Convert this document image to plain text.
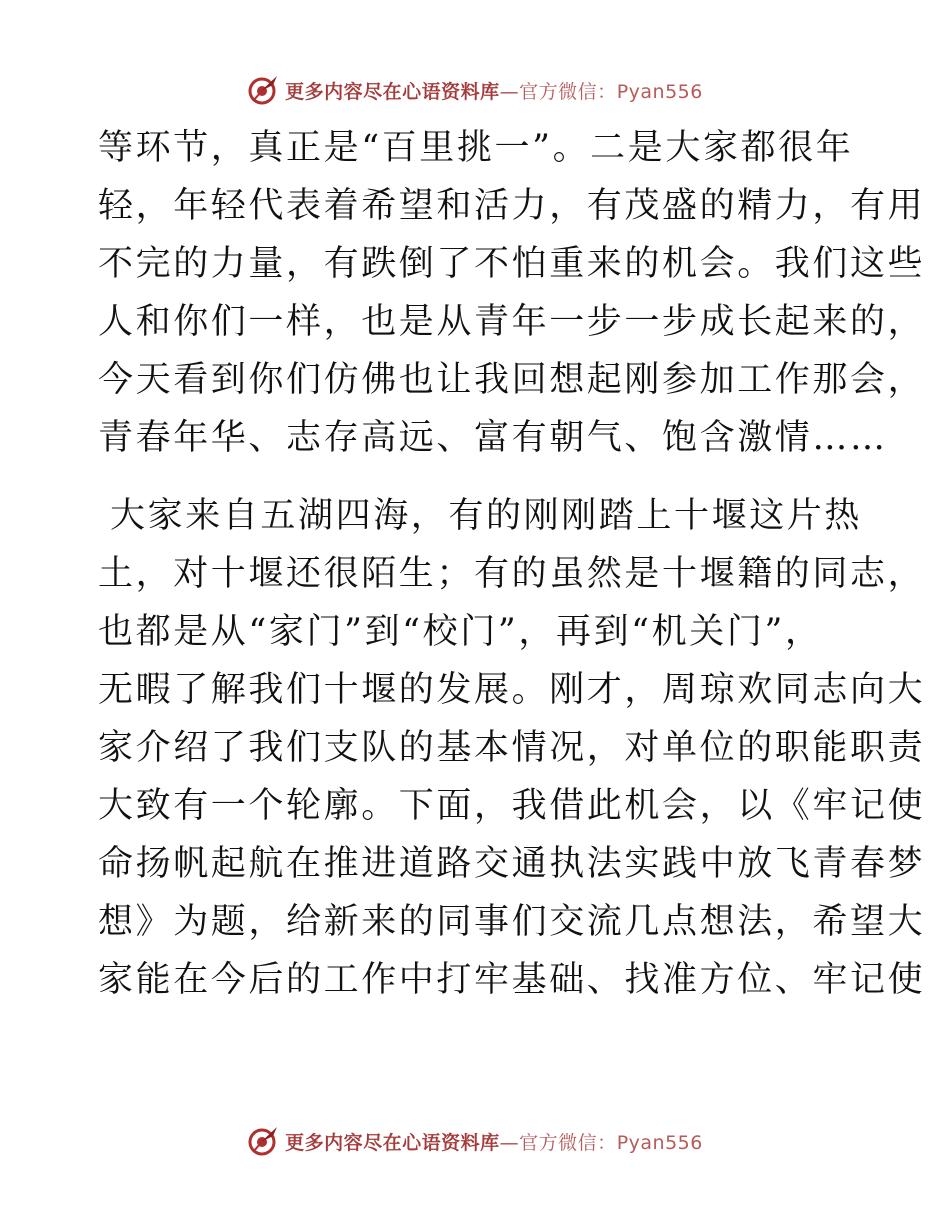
更多内容尽在心语资料库—官方微信：Pyan556
等环节，真正是“百里挑一”。二是大家都很年
轻，年轻代表着希望和活力，有茂盛的精力，有用
不完的力量，有跌倒了不怕重来的机会。我们这些
人和你们一样，也是从青年一步一步成长起来的，
今天看到你们仿佛也让我回想起刚参加工作那会，
青春年华、志存高远、富有朝气、饱含激情……
大家来自五湖四海，有的刚刚踏上十堰这片热
土，对十堰还很陌生；有的虽然是十堰籍的同志，
也都是从“家门”到“校门”，再到“机关门”，
无暇了解我们十堰的发展。刚才，周琼欢同志向大
家介绍了我们支队的基本情况，对单位的职能职责
大致有一个轮廓。下面，我借此机会，以《牢记使
命扬帆起航在推进道路交通执法实践中放飞青春梦
想》为题，给新来的同事们交流几点想法，希望大
家能在今后的工作中打牢基础、找准方位、牢记使
更多内容尽在心语资料库—官方微信：Pyan556
